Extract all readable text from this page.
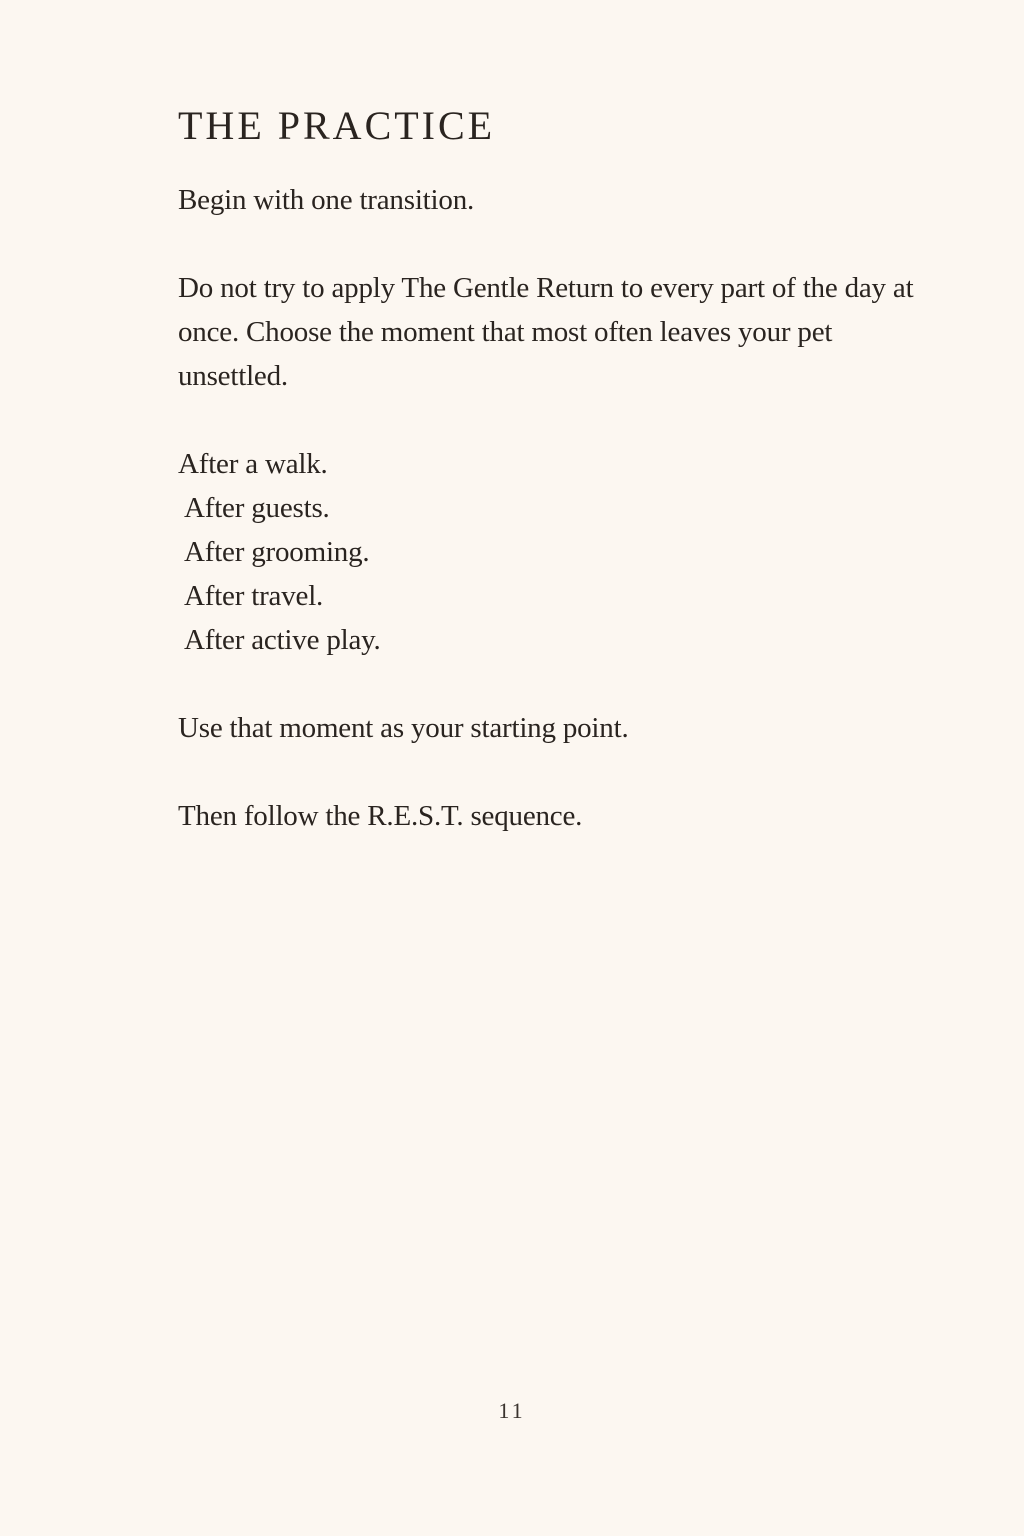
THE PRACTICE

Begin with one transition.

Do not try to apply The Gentle Return to every part of the day at once. Choose the moment that most often leaves your pet unsettled.

After a walk.
After guests.
After grooming.
After travel.
After active play.

Use that moment as your starting point.

Then follow the R.E.S.T. sequence.

11
